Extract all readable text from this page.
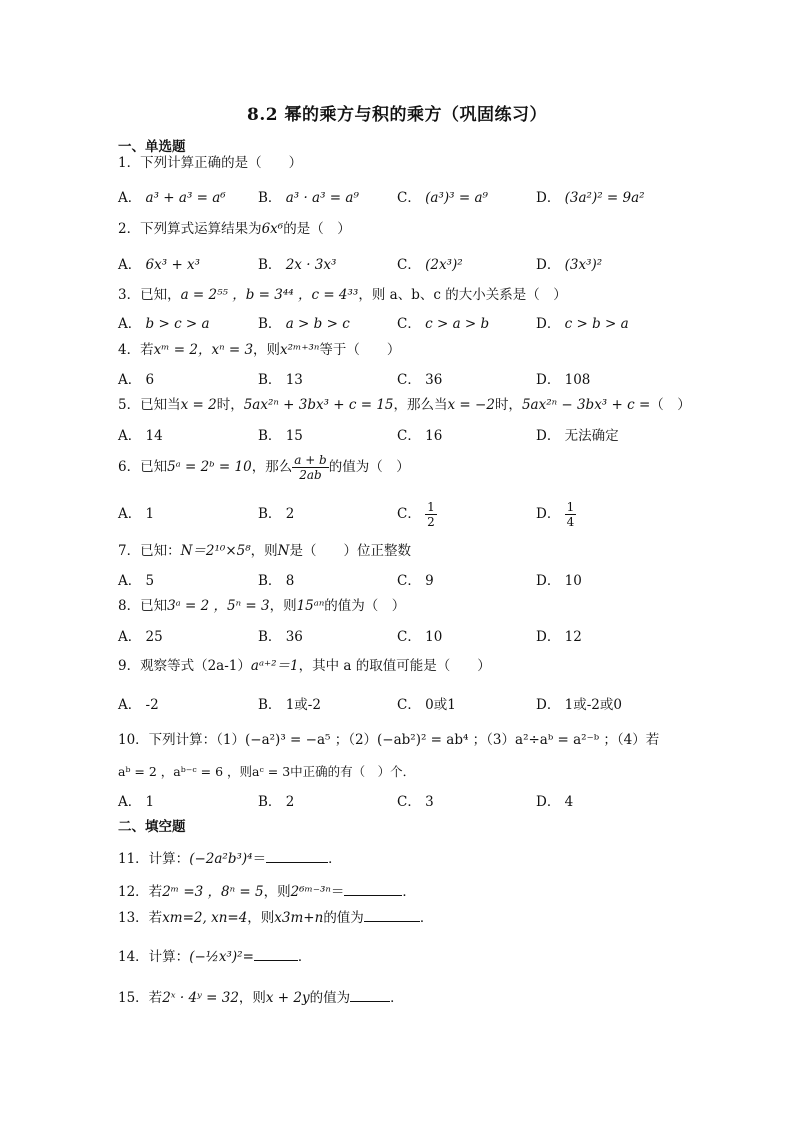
8.2 幂的乘方与积的乘方（巩固练习）
一、单选题
1．下列计算正确的是（　　）
A． a³ + a³ = a⁶ B． a³ · a³ = a⁹	C． (a³)³ = a⁹	D． (3a²)² = 9a²
2．下列算式运算结果为6x⁶的是（　）
A． 6x³ + x³	B． 2x · 3x³	C． (2x³)²	D． (3x³)²
3．已知，a = 2⁵⁵ ，b = 3⁴⁴ ，c = 4³³，则 a、b、c 的大小关系是（　）
A． b > c > a	B． a > b > c	C． c > a > b	D． c > b > a
4．若xᵐ = 2，xⁿ = 3，则x²ᵐ⁺³ⁿ等于（　　）
A． 6	B． 13	C． 36	D． 108
5．已知当x = 2时，5ax²ⁿ + 3bx³ + c = 15，那么当x = −2时，5ax²ⁿ − 3bx³ + c =（　）
A． 14	B． 15	C． 16	D． 无法确定
6．已知5ᵃ = 2ᵇ = 10，那么 $\frac{a + b}{2ab}$ 的值为（　）
A． 1	B． 2	C． $\frac{1}{2}$	D． $\frac{1}{4}$
7．已知：N＝2¹⁰×5⁸，则N是（　　）位正整数
A． 5	B． 8	C． 9	D． 10
8．已知3ᵃ = 2 ，5ⁿ = 3，则15ᵃⁿ的值为（　）
A． 25	B． 36	C． 10	D． 12
9．观察等式（2a-1）aᵃ⁺²＝1，其中 a 的取值可能是（　　）
A． -2	B． 1或-2	C． 0或1	D． 1或-2或0
10．下列计算：（1）(−a²)³ = −a⁵ ；（2）(−ab²)² = ab⁴ ；（3）a²÷aᵇ = a²⁻ᵇ ；（4）若
aᵇ = 2 ，aᵇ⁻ᶜ = 6 ，则aᶜ = 3中正确的有（　）个．
A． 1	B． 2	C． 3	D． 4
二、填空题
11．计算：(−2a²b³)⁴＝	．
12．若2ᵐ =3 ，8ⁿ = 5，则2⁶ᵐ⁻³ⁿ＝	．
13．若xm=2, xn=4，则x3m+n的值为	．
14．计算：(−½x³)²=	．
15．若2ˣ · 4ʸ = 32，则x + 2y的值为	．
